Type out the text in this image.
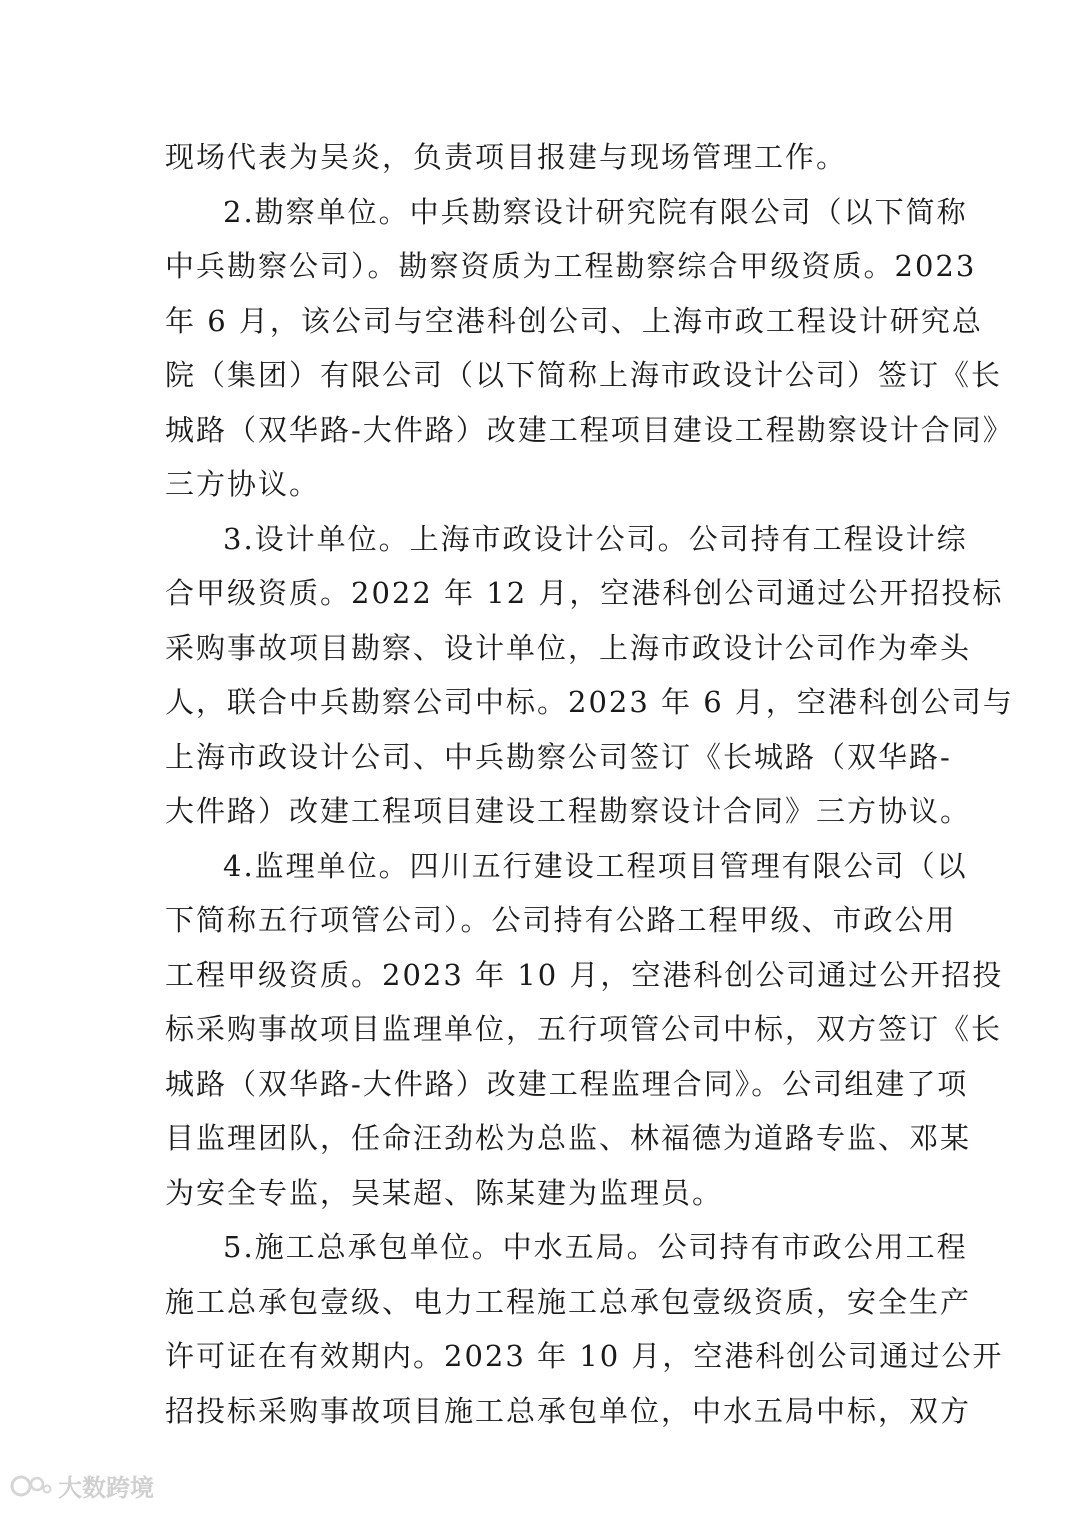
现场代表为吴炎，负责项目报建与现场管理工作。
2.勘察单位。中兵勘察设计研究院有限公司（以下简称
中兵勘察公司）。勘察资质为工程勘察综合甲级资质。2023
年 6 月，该公司与空港科创公司、上海市政工程设计研究总
院（集团）有限公司（以下简称上海市政设计公司）签订《长
城路（双华路-大件路）改建工程项目建设工程勘察设计合同》
三方协议。
3.设计单位。上海市政设计公司。公司持有工程设计综
合甲级资质。2022 年 12 月，空港科创公司通过公开招投标
采购事故项目勘察、设计单位，上海市政设计公司作为牵头
人，联合中兵勘察公司中标。2023 年 6 月，空港科创公司与
上海市政设计公司、中兵勘察公司签订《长城路（双华路-
大件路）改建工程项目建设工程勘察设计合同》三方协议。
4.监理单位。四川五行建设工程项目管理有限公司（以
下简称五行项管公司）。公司持有公路工程甲级、市政公用
工程甲级资质。2023 年 10 月，空港科创公司通过公开招投
标采购事故项目监理单位，五行项管公司中标，双方签订《长
城路（双华路-大件路）改建工程监理合同》。公司组建了项
目监理团队，任命汪劲松为总监、林福德为道路专监、邓某
为安全专监，吴某超、陈某建为监理员。
5.施工总承包单位。中水五局。公司持有市政公用工程
施工总承包壹级、电力工程施工总承包壹级资质，安全生产
许可证在有效期内。2023 年 10 月，空港科创公司通过公开
招投标采购事故项目施工总承包单位，中水五局中标，双方
大数跨境
